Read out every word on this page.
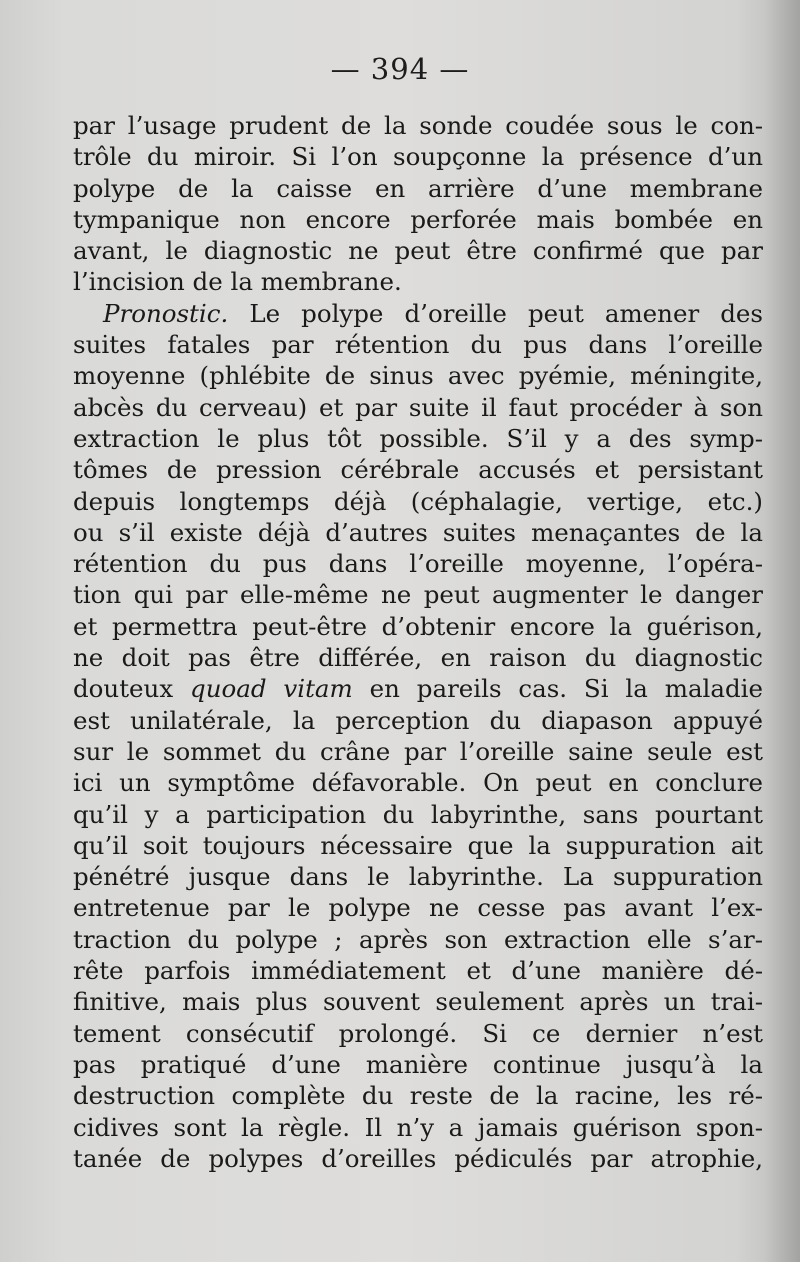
— 394 —
par l’usage prudent de la sonde coudée sous le con-
trôle du miroir. Si l’on soupçonne la présence d’un
polype de la caisse en arrière d’une membrane
tympanique non encore perforée mais bombée en
avant, le diagnostic ne peut être confirmé que par
l’incision de la membrane.
Pronostic. Le polype d’oreille peut amener des
suites fatales par rétention du pus dans l’oreille
moyenne (phlébite de sinus avec pyémie, méningite,
abcès du cerveau) et par suite il faut procéder à son
extraction le plus tôt possible. S’il y a des symp-
tômes de pression cérébrale accusés et persistant
depuis longtemps déjà (céphalagie, vertige, etc.)
ou s’il existe déjà d’autres suites menaçantes de la
rétention du pus dans l’oreille moyenne, l’opéra-
tion qui par elle-même ne peut augmenter le danger
et permettra peut-être d’obtenir encore la guérison,
ne doit pas être différée, en raison du diagnostic
douteux quoad vitam en pareils cas. Si la maladie
est unilatérale, la perception du diapason appuyé
sur le sommet du crâne par l’oreille saine seule est
ici un symptôme défavorable. On peut en conclure
qu’il y a participation du labyrinthe, sans pourtant
qu’il soit toujours nécessaire que la suppuration ait
pénétré jusque dans le labyrinthe. La suppuration
entretenue par le polype ne cesse pas avant l’ex-
traction du polype ; après son extraction elle s’ar-
rête parfois immédiatement et d’une manière dé-
finitive, mais plus souvent seulement après un trai-
tement consécutif prolongé. Si ce dernier n’est
pas pratiqué d’une manière continue jusqu’à la
destruction complète du reste de la racine, les ré-
cidives sont la règle. Il n’y a jamais guérison spon-
tanée de polypes d’oreilles pédiculés par atrophie,
